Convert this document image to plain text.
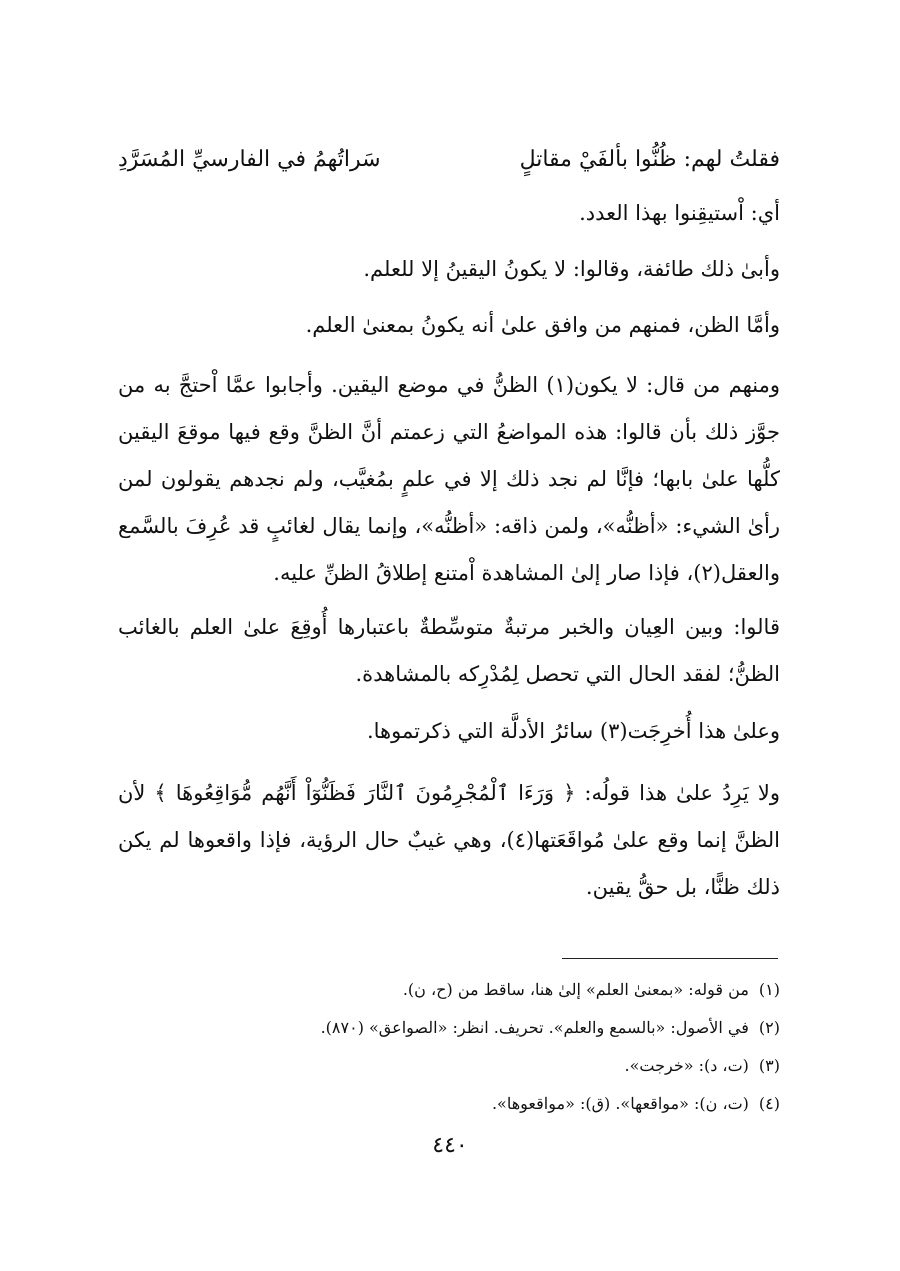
فقلتُ لهم: ظُنُّوا بألفَيْ مقاتلٍ
سَراتُهمُ في الفارسيِّ المُسَرَّدِ
أي: اْستيقِنوا بهذا العدد.
وأبىٰ ذلك طائفة، وقالوا: لا يكونُ اليقينُ إلا للعلم.
وأمَّا الظن، فمنهم من وافق علىٰ أنه يكونُ بمعنىٰ العلم.

ومنهم من قال: لا يكون(١) الظنُّ في موضع اليقين. وأجابوا عمَّا اْحتجَّ به من جوَّز ذلك بأن قالوا: هذه المواضعُ التي زعمتم أنَّ الظنَّ وقع فيها موقعَ اليقين كلُّها علىٰ بابها؛ فإنَّا لم نجد ذلك إلا في علمٍ بمُغيَّب، ولم نجدهم يقولون لمن رأىٰ الشيء: «أظنُّه»، ولمن ذاقه: «أظنُّه»، وإنما يقال لغائبٍ قد عُرِفَ بالسَّمع والعقل(٢)، فإذا صار إلىٰ المشاهدة اْمتنع إطلاقُ الظنِّ عليه.

قالوا: وبين العِيان والخبر مرتبةٌ متوسِّطةٌ باعتبارها أُوقِعَ علىٰ العلم بالغائب الظنُّ؛ لفقد الحال التي تحصل لِمُدْرِكه بالمشاهدة.

وعلىٰ هذا أُخرِجَت(٣) سائرُ الأدلَّة التي ذكرتموها.

ولا يَرِدُ علىٰ هذا قولُه: ﴿ وَرَءَا ٱلْمُجْرِمُونَ ٱلنَّارَ فَظَنُّوٓاْ أَنَّهُم مُّوَاقِعُوهَا ﴾ لأن الظنَّ إنما وقع علىٰ مُواقَعَتها(٤)، وهي غيبٌ حال الرؤية، فإذا واقعوها لم يكن ذلك ظنًّا، بل حقُّ يقين.

(١)من قوله: «بمعنىٰ العلم» إلىٰ هنا، ساقط من (ح، ن).
(٢)في الأصول: «بالسمع والعلم». تحريف. انظر: «الصواعق» (٨٧٠).
(٣)(ت، د): «خرجت».
(٤)(ت، ن): «مواقعها». (ق): «مواقعوها».
٤٤٠
